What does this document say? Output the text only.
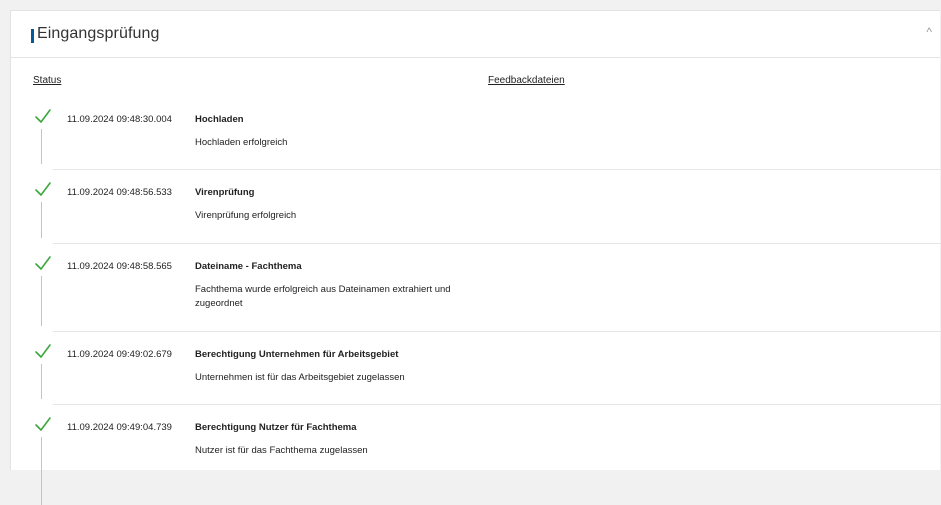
Eingangsprüfung	^
Status	Feedbackdateien
11.09.2024 09:48:30.004 Hochladen
Hochladen erfolgreich
11.09.2024 09:48:56.533 Virenprüfung
Virenprüfung erfolgreich
11.09.2024 09:48:58.565 Dateiname - Fachthema
Fachthema wurde erfolgreich aus Dateinamen extrahiert und zugeordnet
11.09.2024 09:49:02.679 Berechtigung Unternehmen für Arbeitsgebiet
Unternehmen ist für das Arbeitsgebiet zugelassen
11.09.2024 09:49:04.739 Berechtigung Nutzer für Fachthema
Nutzer ist für das Fachthema zugelassen
